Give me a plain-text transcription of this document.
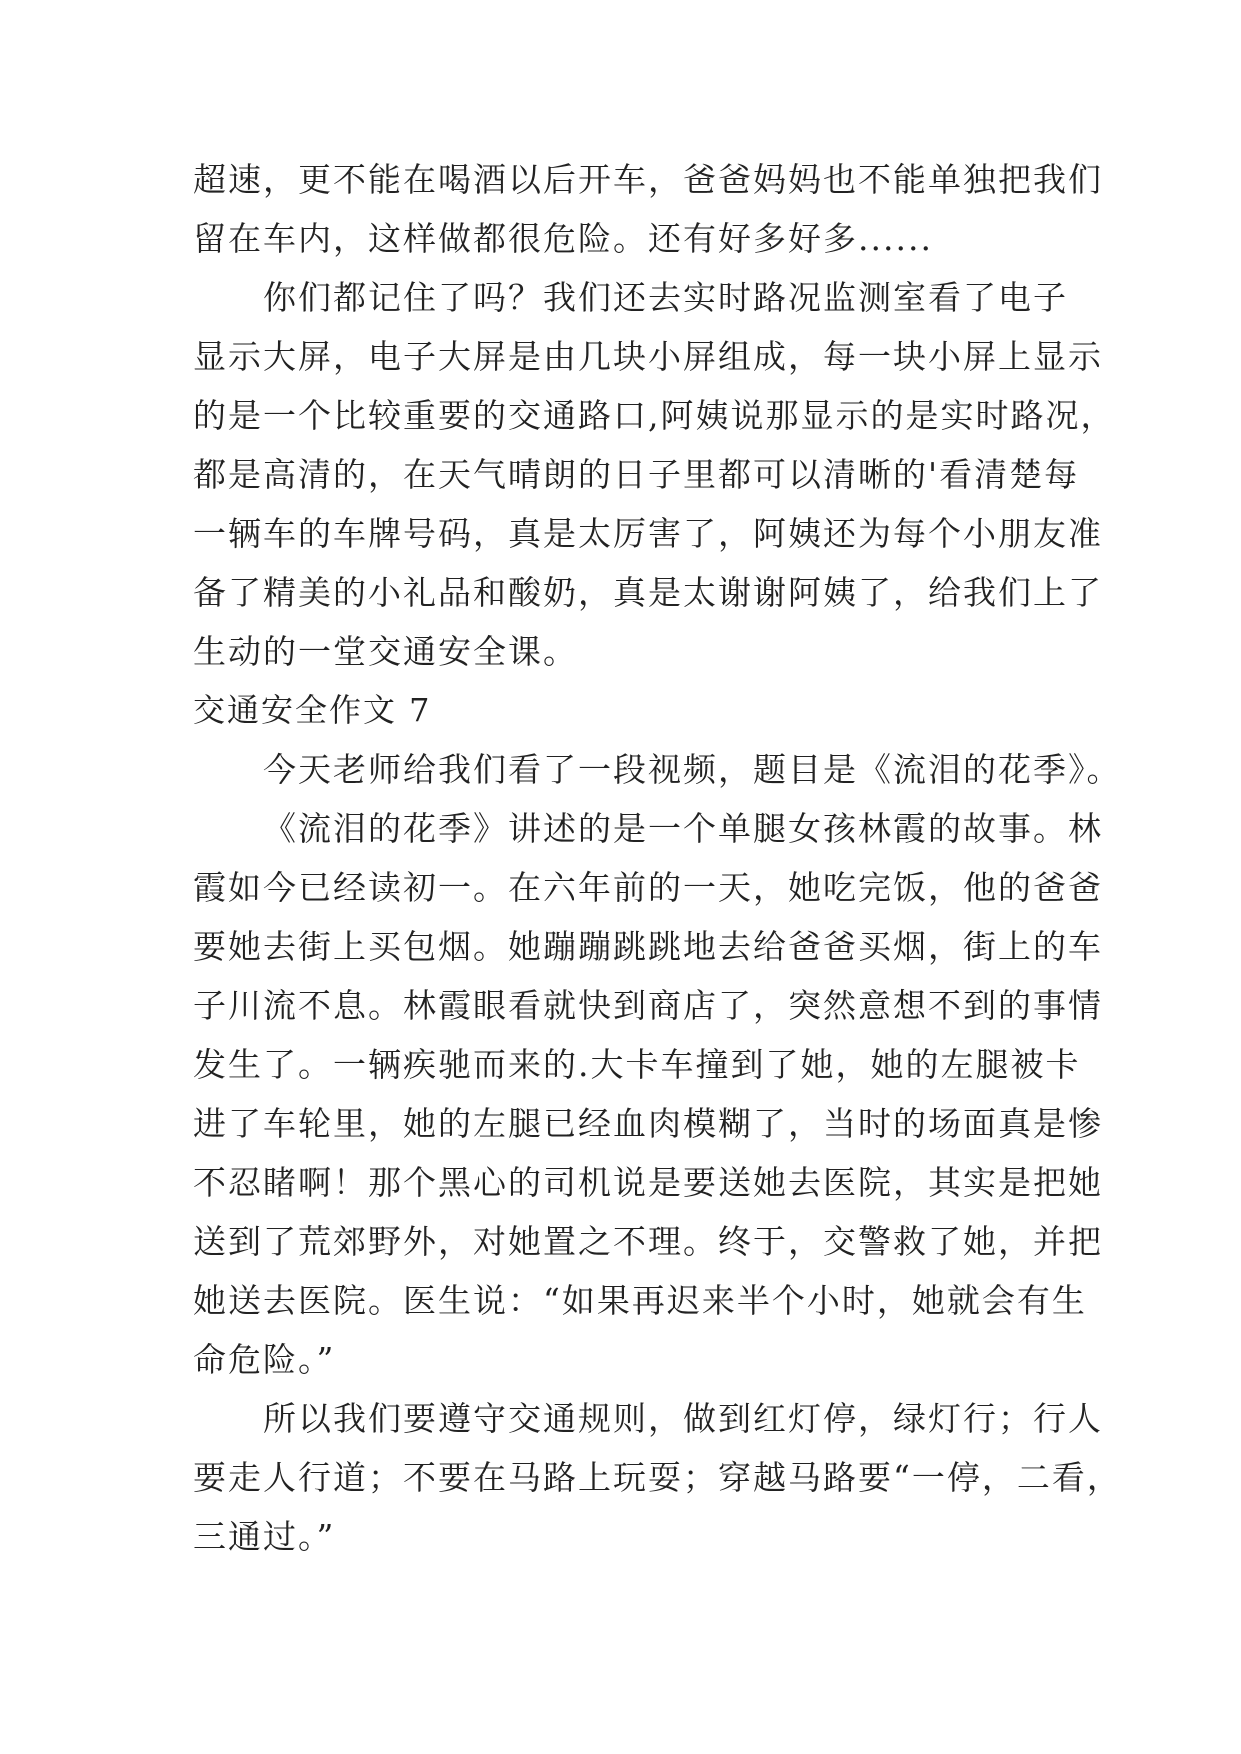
超速，更不能在喝酒以后开车，爸爸妈妈也不能单独把我们
留在车内，这样做都很危险。还有好多好多......
你们都记住了吗？我们还去实时路况监测室看了电子
显示大屏，电子大屏是由几块小屏组成，每一块小屏上显示
的是一个比较重要的交通路口,阿姨说那显示的是实时路况，
都是高清的，在天气晴朗的日子里都可以清晰的'看清楚每
一辆车的车牌号码，真是太厉害了，阿姨还为每个小朋友准
备了精美的小礼品和酸奶，真是太谢谢阿姨了，给我们上了
生动的一堂交通安全课。
交通安全作文 7
今天老师给我们看了一段视频，题目是《流泪的花季》。
《流泪的花季》讲述的是一个单腿女孩林霞的故事。林
霞如今已经读初一。在六年前的一天，她吃完饭，他的爸爸
要她去街上买包烟。她蹦蹦跳跳地去给爸爸买烟，街上的车
子川流不息。林霞眼看就快到商店了，突然意想不到的事情
发生了。一辆疾驰而来的.大卡车撞到了她，她的左腿被卡
进了车轮里，她的左腿已经血肉模糊了，当时的场面真是惨
不忍睹啊！那个黑心的司机说是要送她去医院，其实是把她
送到了荒郊野外，对她置之不理。终于，交警救了她，并把
她送去医院。医生说：“如果再迟来半个小时，她就会有生
命危险。”
所以我们要遵守交通规则，做到红灯停，绿灯行；行人
要走人行道；不要在马路上玩耍；穿越马路要“一停，二看，
三通过。”
